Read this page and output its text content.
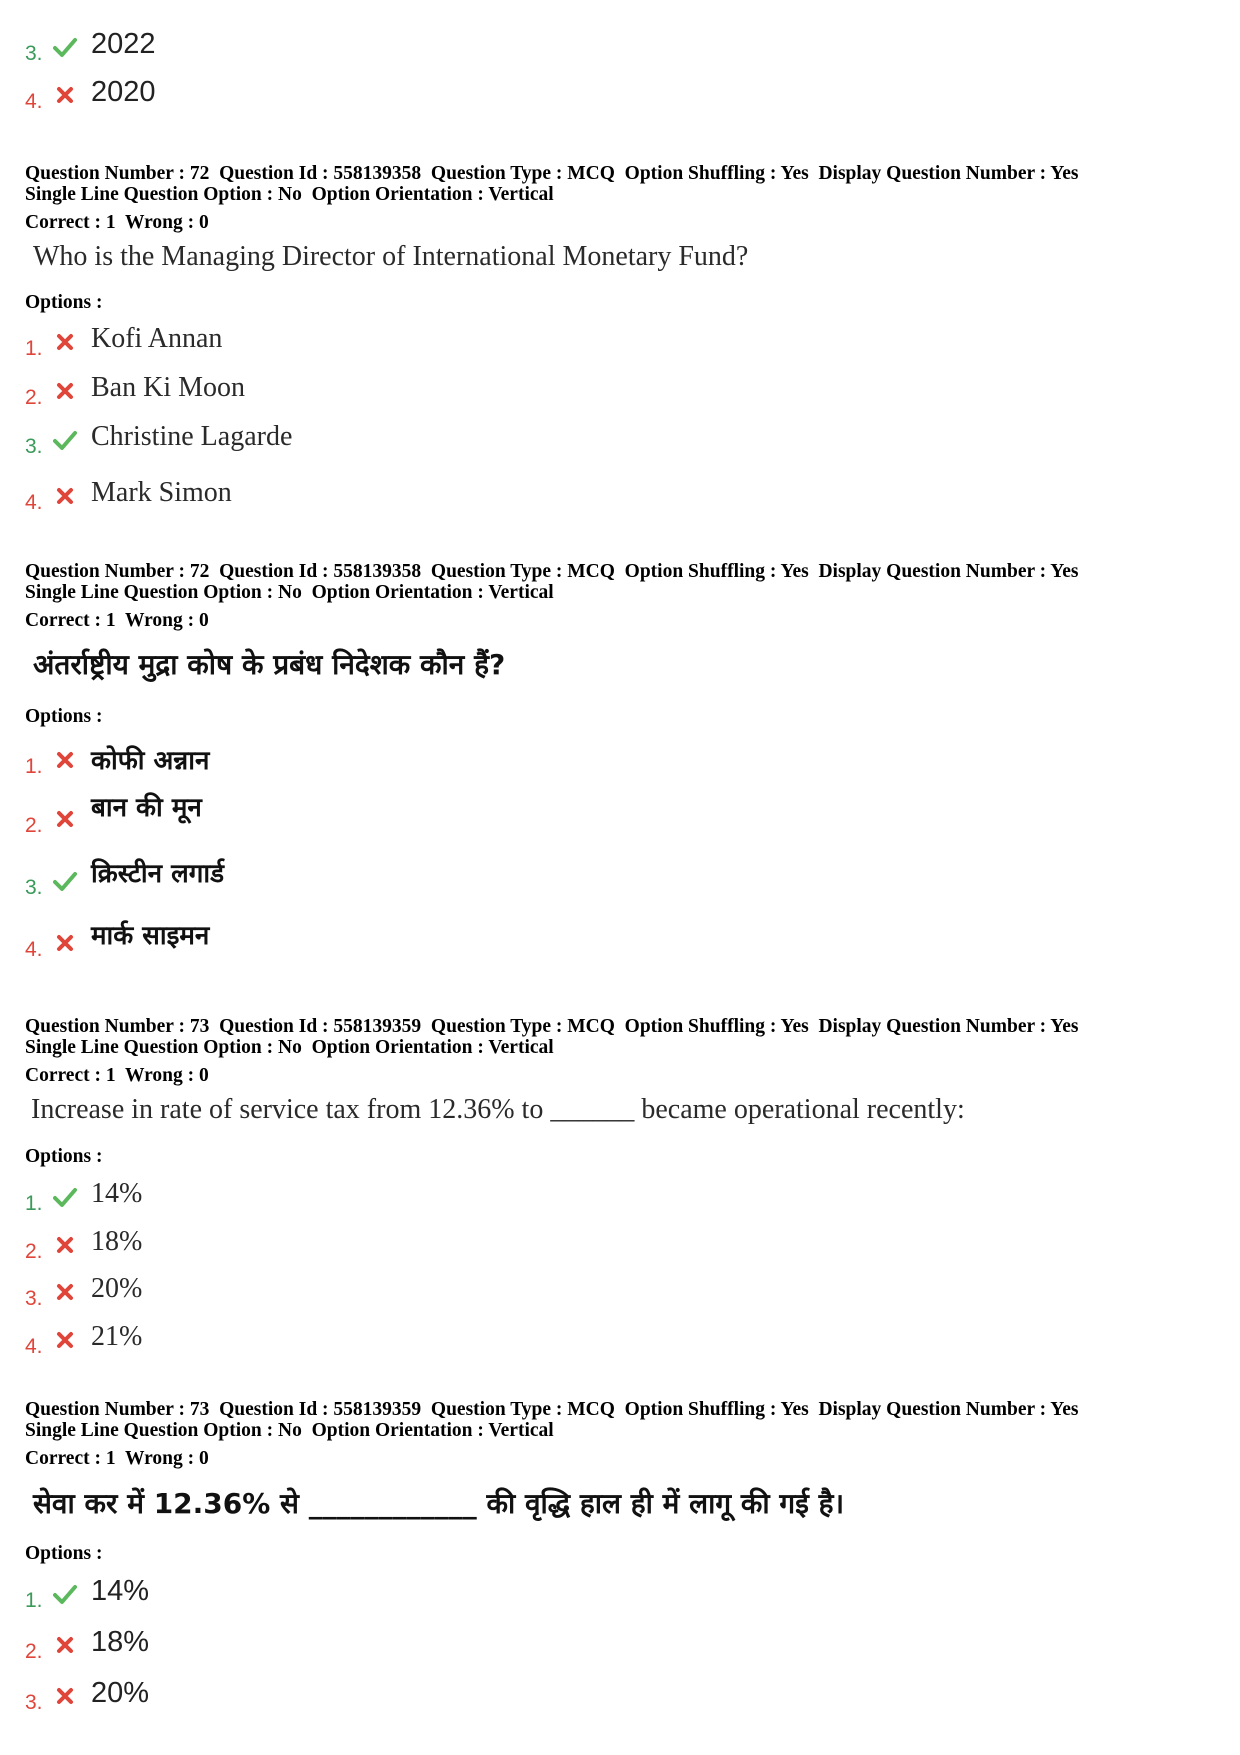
3. 2022
4. 2020
Question Number : 72  Question Id : 558139358  Question Type : MCQ  Option Shuffling : Yes  Display Question Number : Yes
Single Line Question Option : No  Option Orientation : Vertical
Correct : 1  Wrong : 0
Who is the Managing Director of International Monetary Fund?
Options :
1. Kofi Annan
2. Ban Ki Moon
3. Christine Lagarde
4. Mark Simon
Question Number : 72  Question Id : 558139358  Question Type : MCQ  Option Shuffling : Yes  Display Question Number : Yes
Single Line Question Option : No  Option Orientation : Vertical
Correct : 1  Wrong : 0
अंतर्राष्ट्रीय मुद्रा कोष के प्रबंध निदेशक कौन हैं?
Options :
1. कोफी अन्नान
2.
बान की मून
3. क्रिस्टीन लगार्ड
4. मार्क साइमन
Question Number : 73  Question Id : 558139359  Question Type : MCQ  Option Shuffling : Yes  Display Question Number : Yes
Single Line Question Option : No  Option Orientation : Vertical
Correct : 1  Wrong : 0
Increase in rate of service tax from 12.36% to ______ became operational recently:
Options :
1. 14%
2. 18%
3. 20%
4. 21%
Question Number : 73  Question Id : 558139359  Question Type : MCQ  Option Shuffling : Yes  Display Question Number : Yes
Single Line Question Option : No  Option Orientation : Vertical
Correct : 1  Wrong : 0
सेवा कर में 12.36% से ____________ की वृद्धि हाल ही में लागू की गई है।
Options :
1. 14%
2. 18%
3. 20%
